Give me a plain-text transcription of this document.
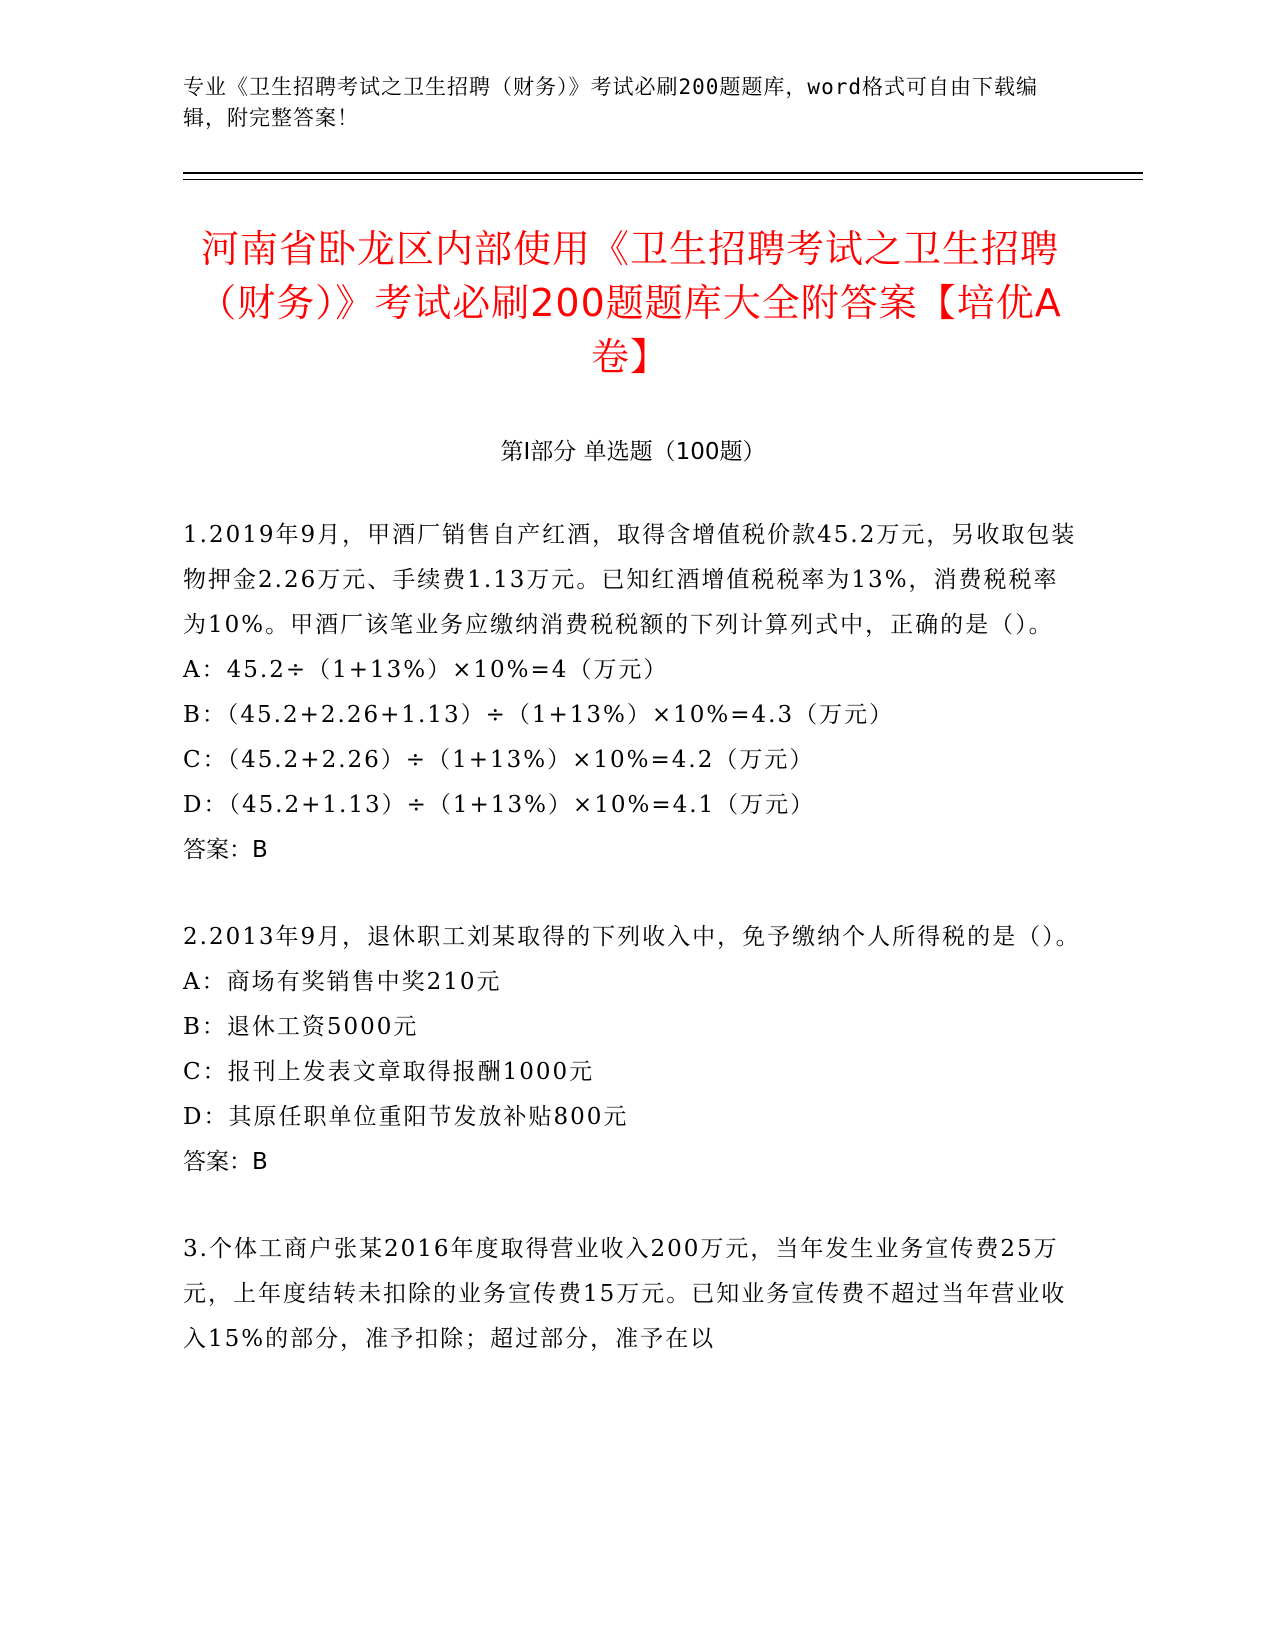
专业《卫生招聘考试之卫生招聘（财务）》考试必刷200题题库，word格式可自由下载编辑，附完整答案！
河南省卧龙区内部使用《卫生招聘考试之卫生招聘（财务）》考试必刷200题题库大全附答案【培优A卷】
第Ⅰ部分 单选题（100题）

1.2019年9月，甲酒厂销售自产红酒，取得含增值税价款45.2万元，另收取包装物押金2.26万元、手续费1.13万元。已知红酒增值税税率为13%，消费税税率为10%。甲酒厂该笔业务应缴纳消费税税额的下列计算列式中，正确的是（）。

A：45.2÷（1+13%）×10%=4（万元）

B：（45.2+2.26+1.13）÷（1+13%）×10%=4.3（万元）

C：（45.2+2.26）÷（1+13%）×10%=4.2（万元）

D：（45.2+1.13）÷（1+13%）×10%=4.1（万元）

答案：B

2.2013年9月，退休职工刘某取得的下列收入中，免予缴纳个人所得税的是（）。

A：商场有奖销售中奖210元

B：退休工资5000元

C：报刊上发表文章取得报酬1000元

D：其原任职单位重阳节发放补贴800元

答案：B

3.个体工商户张某2016年度取得营业收入200万元，当年发生业务宣传费25万元，上年度结转未扣除的业务宣传费15万元。已知业务宣传费不超过当年营业收入15%的部分，准予扣除；超过部分，准予在以
